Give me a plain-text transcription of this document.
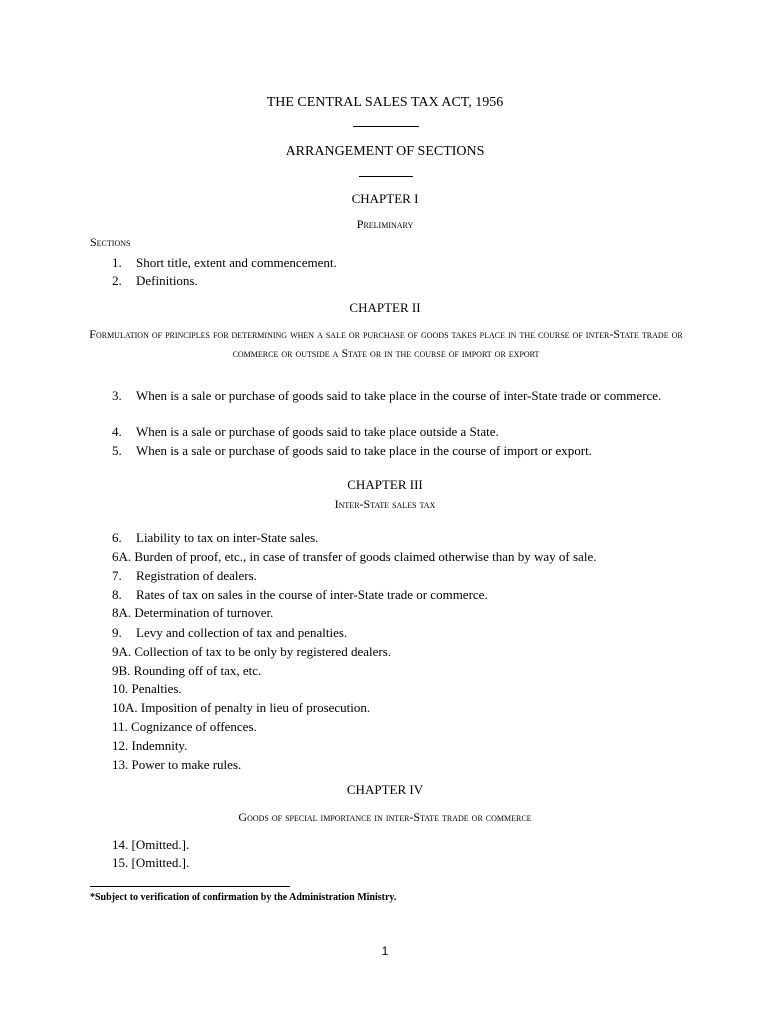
THE CENTRAL SALES TAX ACT, 1956
ARRANGEMENT OF SECTIONS
CHAPTER I
Preliminary
Sections
1. Short title, extent and commencement.
2. Definitions.
CHAPTER II
Formulation of principles for determining when a sale or purchase of goods takes place in the course of inter-State trade or commerce or outside a State or in the course of import or export
3.	When is a sale or purchase of goods said to take place in the course of inter-State trade or commerce.
4. When is a sale or purchase of goods said to take place outside a State.
5. When is a sale or purchase of goods said to take place in the course of import or export.
CHAPTER III
Inter-State sales tax
6. Liability to tax on inter-State sales.
6A. Burden of proof, etc., in case of transfer of goods claimed otherwise than by way of sale.
7. Registration of dealers.
8. Rates of tax on sales in the course of inter-State trade or commerce.
8A. Determination of turnover.
9. Levy and collection of tax and penalties.
9A. Collection of tax to be only by registered dealers.
9B. Rounding off of tax, etc.
10. Penalties.
10A. Imposition of penalty in lieu of prosecution.
11. Cognizance of offences.
12. Indemnity.
13. Power to make rules.
CHAPTER IV
Goods of special importance in inter-State trade or commerce
14. [Omitted.].
15. [Omitted.].
*Subject to verification of confirmation by the Administration Ministry.
1
